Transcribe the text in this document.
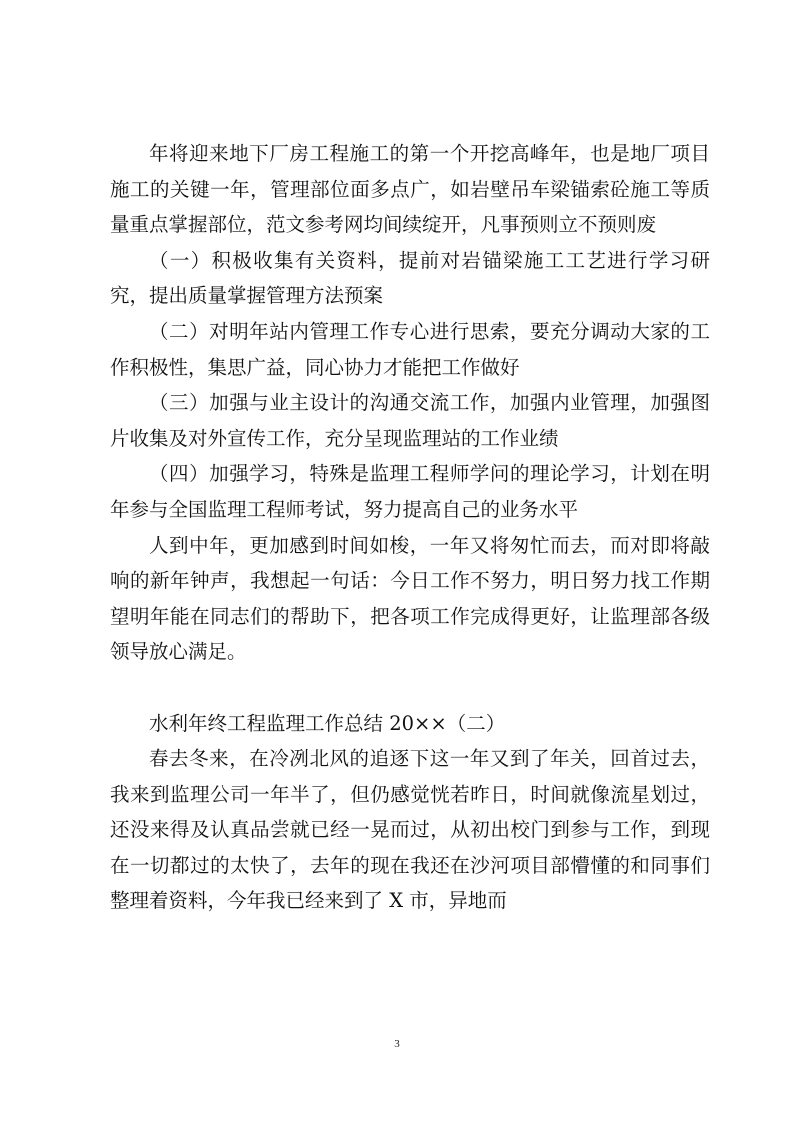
年将迎来地下厂房工程施工的第一个开挖高峰年，也是地厂项目施工的关键一年，管理部位面多点广，如岩壁吊车梁锚索砼施工等质量重点掌握部位，范文参考网均间续绽开，凡事预则立不预则废

（一）积极收集有关资料，提前对岩锚梁施工工艺进行学习研究，提出质量掌握管理方法预案

（二）对明年站内管理工作专心进行思索，要充分调动大家的工作积极性，集思广益，同心协力才能把工作做好

（三）加强与业主设计的沟通交流工作，加强内业管理，加强图片收集及对外宣传工作，充分呈现监理站的工作业绩

（四）加强学习，特殊是监理工程师学问的理论学习，计划在明年参与全国监理工程师考试，努力提高自己的业务水平

人到中年，更加感到时间如梭，一年又将匆忙而去，而对即将敲响的新年钟声，我想起一句话：今日工作不努力，明日努力找工作期望明年能在同志们的帮助下，把各项工作完成得更好，让监理部各级领导放心满足。

水利年终工程监理工作总结 20××（二）

春去冬来，在冷冽北风的追逐下这一年又到了年关，回首过去，我来到监理公司一年半了，但仍感觉恍若昨日，时间就像流星划过，还没来得及认真品尝就已经一晃而过，从初出校门到参与工作，到现在一切都过的太快了，去年的现在我还在沙河项目部懵懂的和同事们整理着资料，今年我已经来到了 X 市，异地而

3
